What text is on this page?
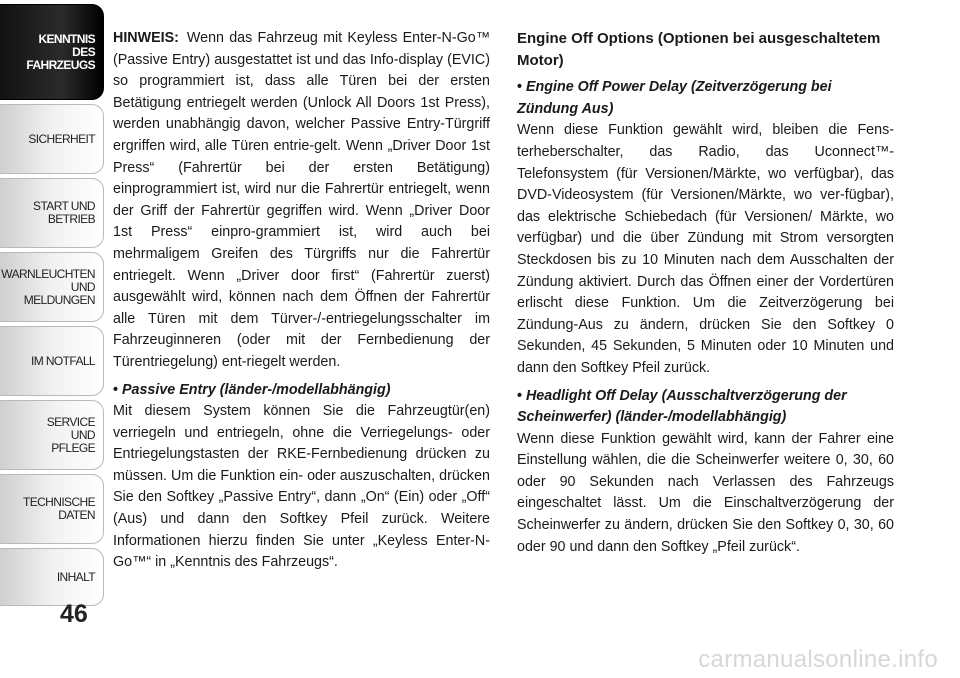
KENNTNIS
DES
FAHRZEUGS
SICHERHEIT
START UND
BETRIEB
WARNLEUCHTEN
UND
MELDUNGEN
IM NOTFALL
SERVICE
UND
PFLEGE
TECHNISCHE
DATEN
INHALT
46

HINWEIS: Wenn das Fahrzeug mit Keyless Enter-N-Go™ (Passive Entry) ausgestattet ist und das Info-display (EVIC) so programmiert ist, dass alle Türen bei der ersten Betätigung entriegelt werden (Unlock All Doors 1st Press), werden unabhängig davon, welcher Passive Entry-Türgriff ergriffen wird, alle Türen entrie-gelt. Wenn „Driver Door 1st Press“ (Fahrertür bei der ersten Betätigung) einprogrammiert ist, wird nur die Fahrertür entriegelt, wenn der Griff der Fahrertür gegriffen wird. Wenn „Driver Door 1st Press“ einpro-grammiert ist, wird auch bei mehrmaligem Greifen des Türgriffs nur die Fahrertür entriegelt. Wenn „Driver door first“ (Fahrertür zuerst) ausgewählt wird, können nach dem Öffnen der Fahrertür alle Türen mit dem Türver-/-entriegelungsschalter im Fahrzeuginneren (oder mit der Fernbedienung der Türentriegelung) ent-riegelt werden.

• Passive Entry (länder-/modellabhängig)

Mit diesem System können Sie die Fahrzeugtür(en) verriegeln und entriegeln, ohne die Verriegelungs- oder Entriegelungstasten der RKE-Fernbedienung drücken zu müssen. Um die Funktion ein- oder auszuschalten, drücken Sie den Softkey „Passive Entry“, dann „On“ (Ein) oder „Off“ (Aus) und dann den Softkey Pfeil zurück. Weitere Informationen hierzu finden Sie unter „Keyless Enter-N-Go™“ in „Kenntnis des Fahrzeugs“.

Engine Off Options (Optionen bei ausgeschaltetem Motor)

• Engine Off Power Delay (Zeitverzögerung bei Zündung Aus)

Wenn diese Funktion gewählt wird, bleiben die Fens-terheberschalter, das Radio, das Uconnect™-Telefonsystem (für Versionen/Märkte, wo verfügbar), das DVD-Videosystem (für Versionen/Märkte, wo ver-fügbar), das elektrische Schiebedach (für Versionen/ Märkte, wo verfügbar) und die über Zündung mit Strom versorgten Steckdosen bis zu 10 Minuten nach dem Ausschalten der Zündung aktiviert. Durch das Öffnen einer der Vordertüren erlischt diese Funktion. Um die Zeitverzögerung bei Zündung-Aus zu ändern, drücken Sie den Softkey 0 Sekunden, 45 Sekunden, 5 Minuten oder 10 Minuten und dann den Softkey Pfeil zurück.

• Headlight Off Delay (Ausschaltverzögerung der Scheinwerfer) (länder-/modellabhängig)

Wenn diese Funktion gewählt wird, kann der Fahrer eine Einstellung wählen, die die Scheinwerfer weitere 0, 30, 60 oder 90 Sekunden nach Verlassen des Fahrzeugs eingeschaltet lässt. Um die Einschaltverzögerung der Scheinwerfer zu ändern, drücken Sie den Softkey 0, 30, 60 oder 90 und dann den Softkey „Pfeil zurück“.

carmanualsonline.info
